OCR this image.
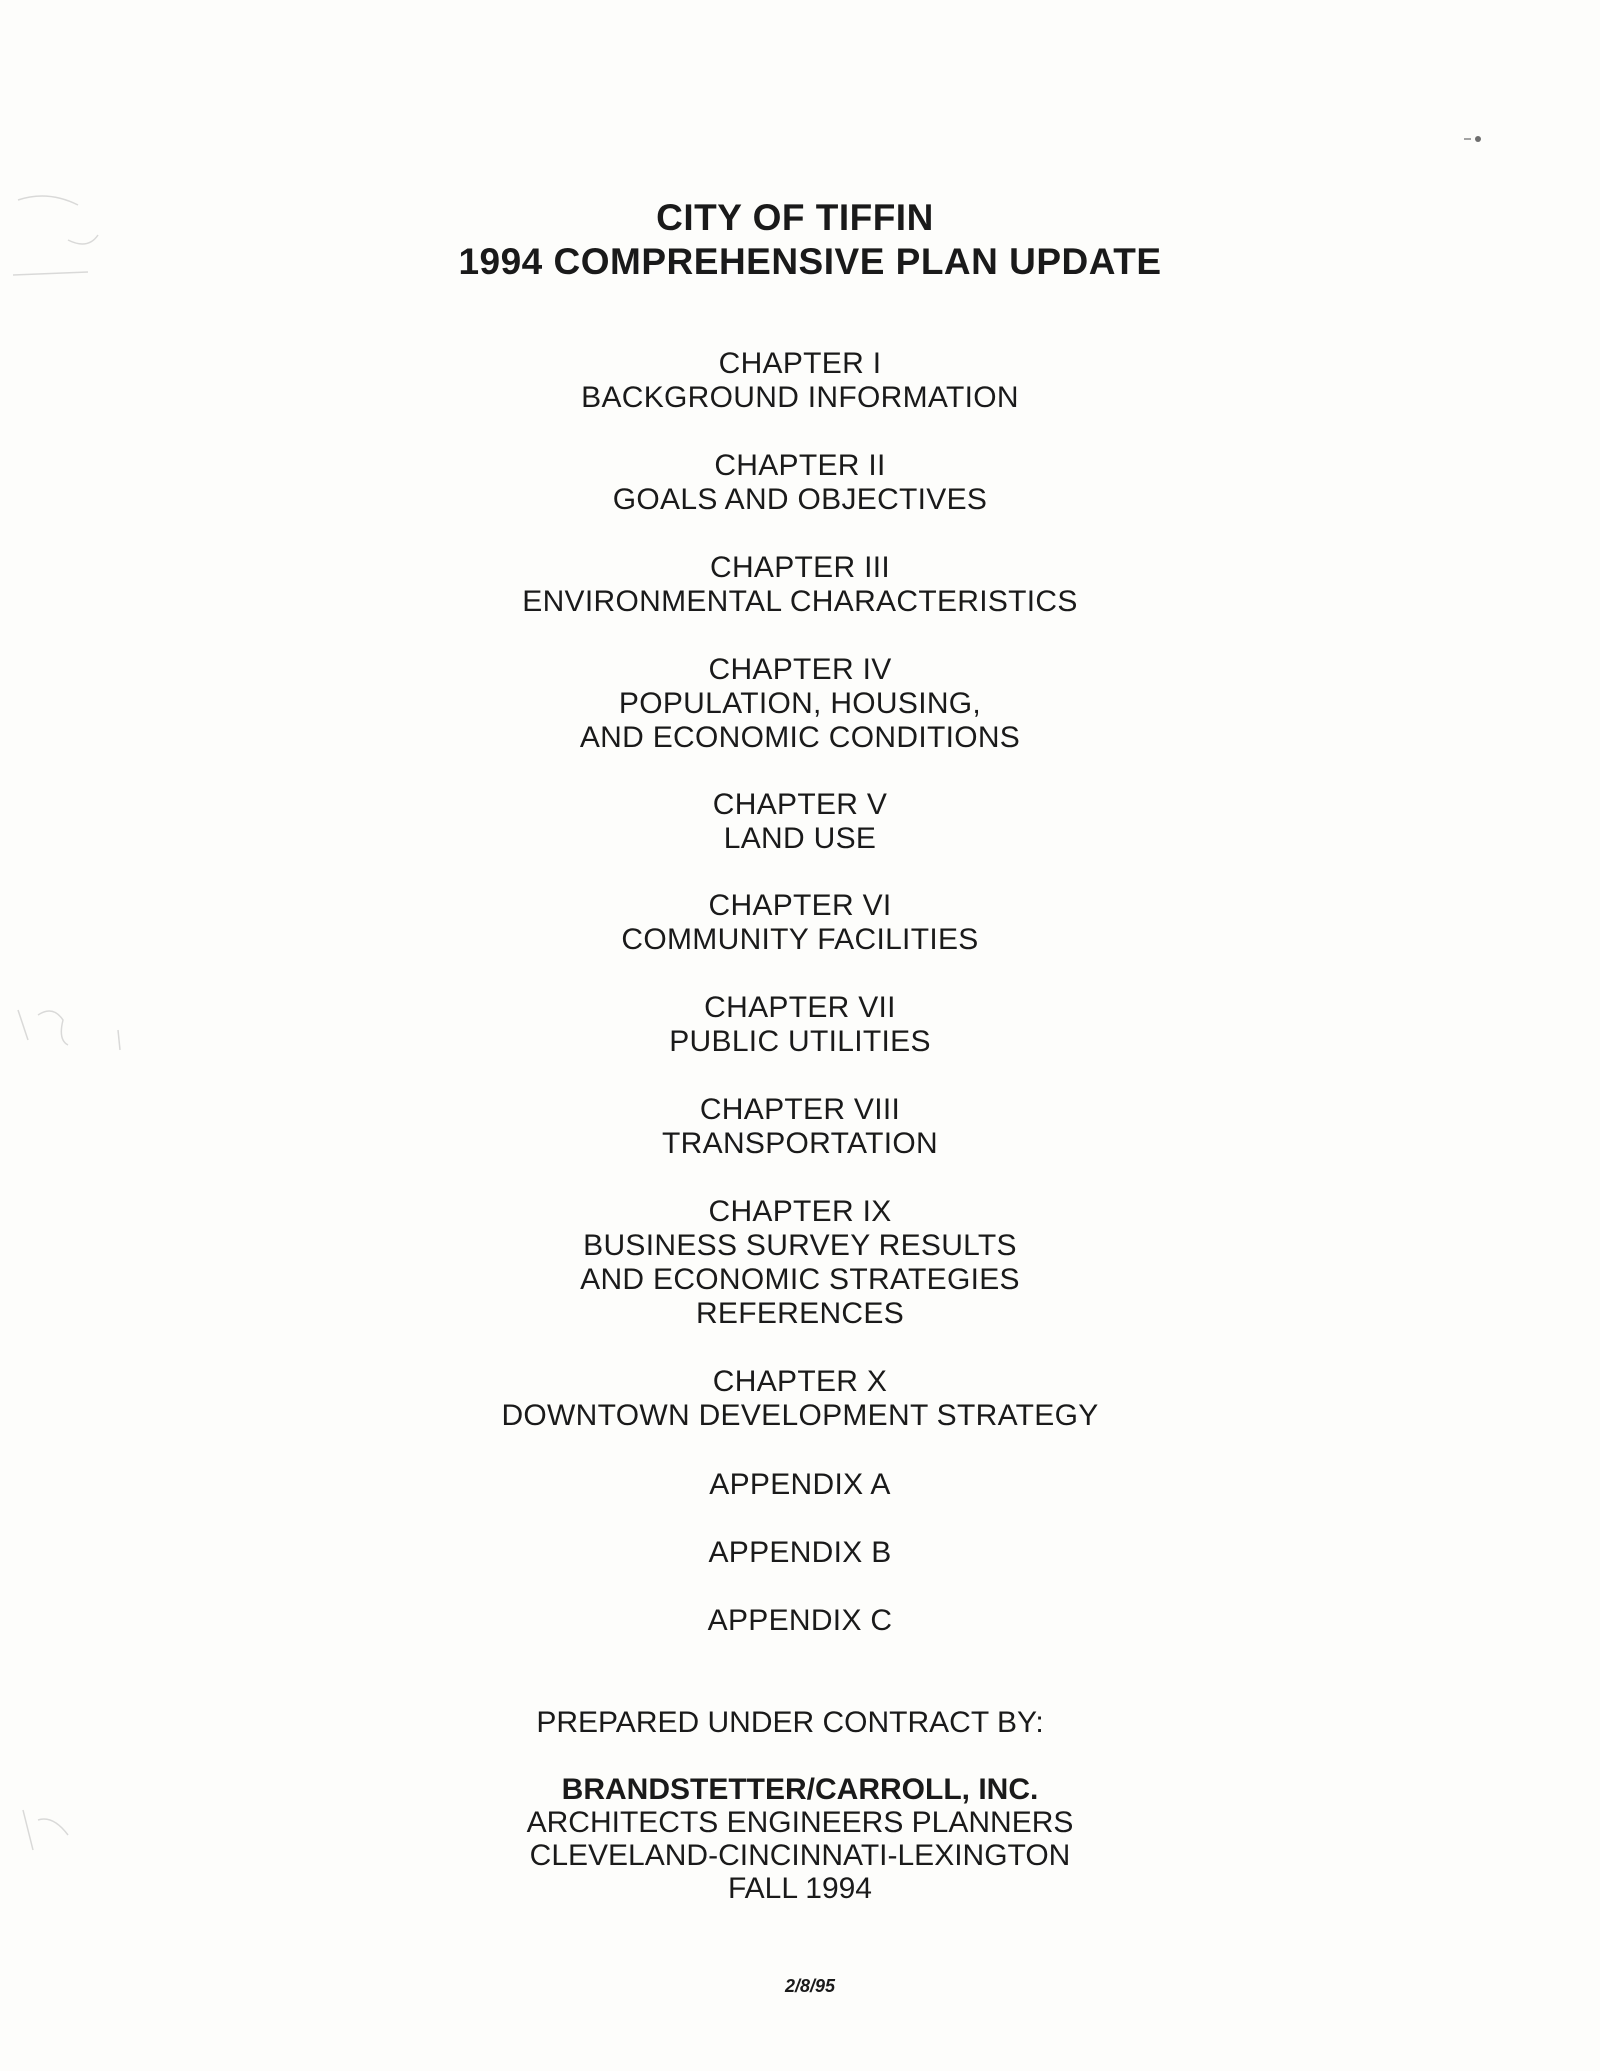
CITY OF TIFFIN
1994 COMPREHENSIVE PLAN UPDATE
CHAPTER I
BACKGROUND INFORMATION
CHAPTER II
GOALS AND OBJECTIVES
CHAPTER III
ENVIRONMENTAL CHARACTERISTICS
CHAPTER IV
POPULATION, HOUSING,
AND ECONOMIC CONDITIONS
CHAPTER V
LAND USE
CHAPTER VI
COMMUNITY FACILITIES
CHAPTER VII
PUBLIC UTILITIES
CHAPTER VIII
TRANSPORTATION
CHAPTER IX
BUSINESS SURVEY RESULTS
AND ECONOMIC STRATEGIES
REFERENCES
CHAPTER X
DOWNTOWN DEVELOPMENT STRATEGY
APPENDIX A
APPENDIX B
APPENDIX C
PREPARED UNDER CONTRACT BY:
BRANDSTETTER/CARROLL, INC.
ARCHITECTS ENGINEERS PLANNERS
CLEVELAND-CINCINNATI-LEXINGTON
FALL 1994
2/8/95
